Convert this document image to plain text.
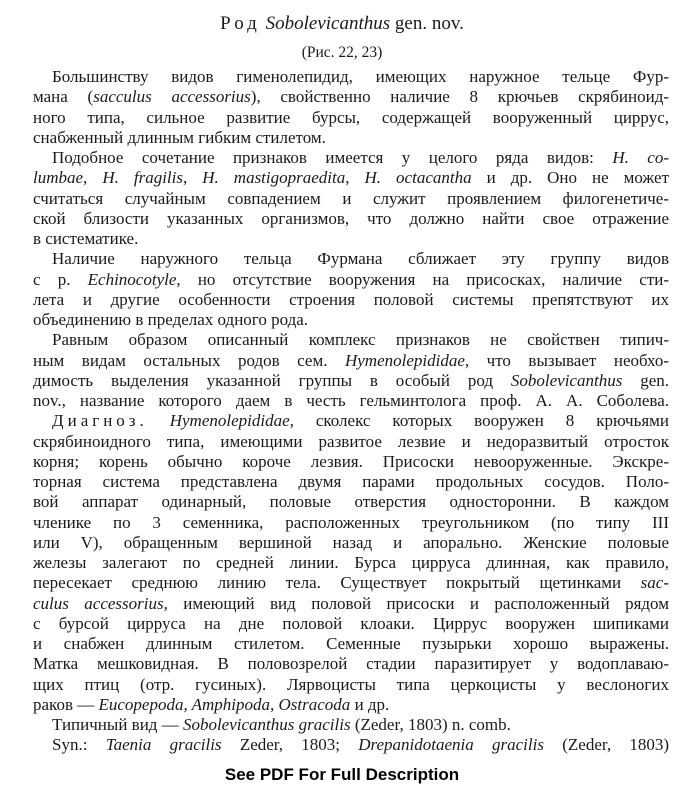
Род Sobolevicanthus gen. nov.
(Рис. 22, 23)
Большинству видов гименолепидид, имеющих наружное тельце Фур-
мана (sacculus accessorius), свойственно наличие 8 крючьев скрябиноид-
ного типа, сильное развитие бурсы, содержащей вооруженный циррус,
снабженный длинным гибким стилетом.
Подобное сочетание признаков имеется у целого ряда видов: H. co-
lumbae, H. fragilis, H. mastigopraedita, H. octacantha и др. Оно не может
считаться случайным совпадением и служит проявлением филогенетиче-
ской близости указанных организмов, что должно найти свое отражение
в систематике.
Наличие наружного тельца Фурмана сближает эту группу видов
с р. Echinocotyle, но отсутствие вооружения на присосках, наличие сти-
лета и другие особенности строения половой системы препятствуют их
объединению в пределах одного рода.
Равным образом описанный комплекс признаков не свойствен типич-
ным видам остальных родов сем. Hymenolepididae, что вызывает необхо-
димость выделения указанной группы в особый род Sobolevicanthus gen.
nov., название которого даем в честь гельминтолога проф. А. А. Соболева.
Диагноз. Hymenolepididae, сколекс которых вооружен 8 крючьями
скрябиноидного типа, имеющими развитое лезвие и недоразвитый отросток
корня; корень обычно короче лезвия. Присоски невооруженные. Экскре-
торная система представлена двумя парами продольных сосудов. Поло-
вой аппарат одинарный, половые отверстия односторонни. В каждом
членике по 3 семенника, расположенных треугольником (по типу III
или V), обращенным вершиной назад и апорально. Женские половые
железы залегают по средней линии. Бурса цирруса длинная, как правило,
пересекает среднюю линию тела. Существует покрытый щетинками sac-
culus accessorius, имеющий вид половой присоски и расположенный рядом
с бурсой цирруса на дне половой клоаки. Циррус вооружен шипиками
и снабжен длинным стилетом. Семенные пузырьки хорошо выражены.
Матка мешковидная. В половозрелой стадии паразитирует у водоплаваю-
щих птиц (отр. гусиных). Лярвоцисты типа церкоцисты у веслоногих
раков — Eucopepoda, Amphipoda, Ostracoda и др.
Типичный вид — Sobolevicanthus gracilis (Zeder, 1803) n. comb.
Syn.: Taenia gracilis Zeder, 1803; Drepanidotaenia gracilis (Zeder, 1803)
See PDF For Full Description
